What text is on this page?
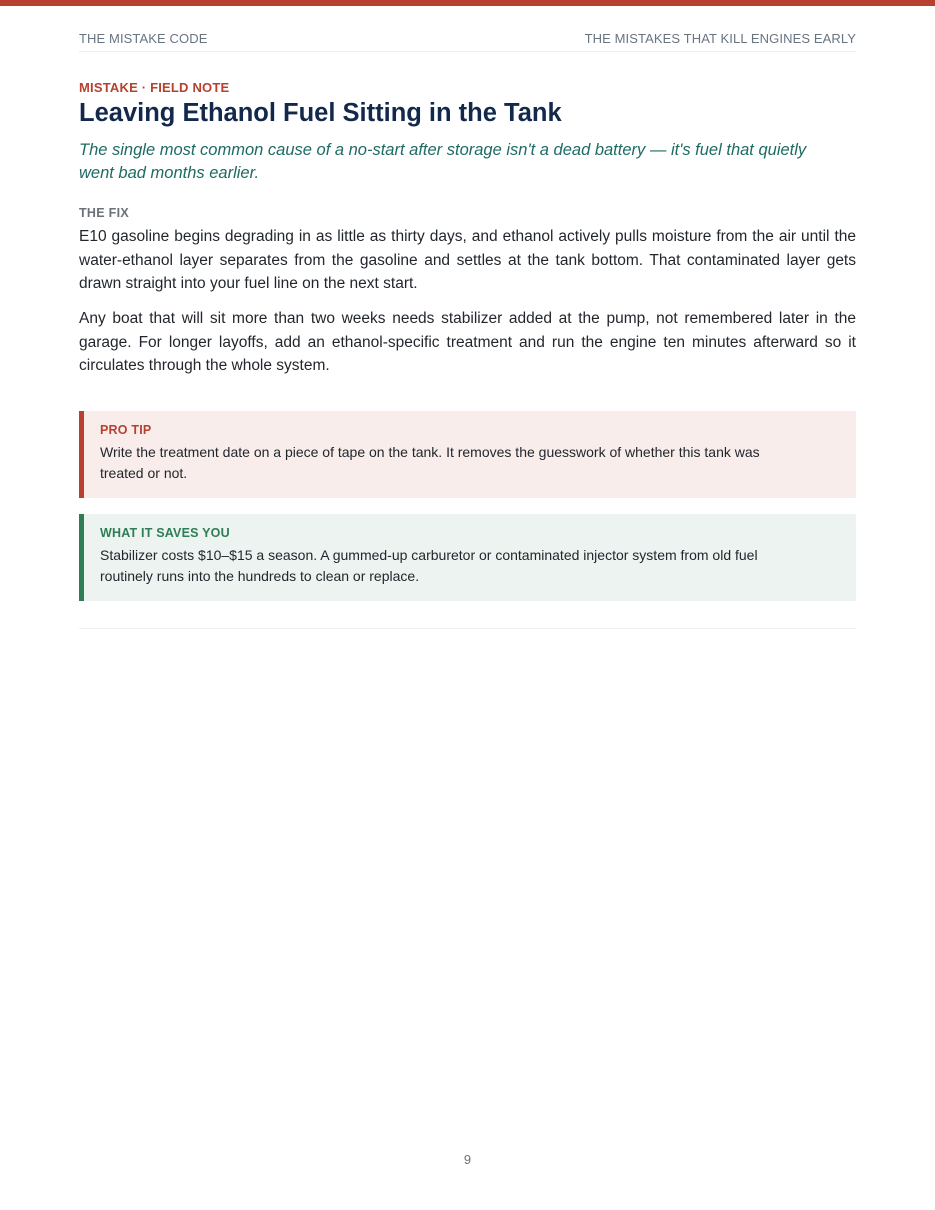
THE MISTAKE CODE	THE MISTAKES THAT KILL ENGINES EARLY
MISTAKE · FIELD NOTE
Leaving Ethanol Fuel Sitting in the Tank

The single most common cause of a no-start after storage isn't a dead battery — it's fuel that quietly went bad months earlier.

THE FIX

E10 gasoline begins degrading in as little as thirty days, and ethanol actively pulls moisture from the air until the water-ethanol layer separates from the gasoline and settles at the tank bottom. That contaminated layer gets drawn straight into your fuel line on the next start.

Any boat that will sit more than two weeks needs stabilizer added at the pump, not remembered later in the garage. For longer layoffs, add an ethanol-specific treatment and run the engine ten minutes afterward so it circulates through the whole system.

PRO TIP
Write the treatment date on a piece of tape on the tank. It removes the guesswork of whether this tank was treated or not.
WHAT IT SAVES YOU
Stabilizer costs $10–$15 a season. A gummed-up carburetor or contaminated injector system from old fuel routinely runs into the hundreds to clean or replace.
9
